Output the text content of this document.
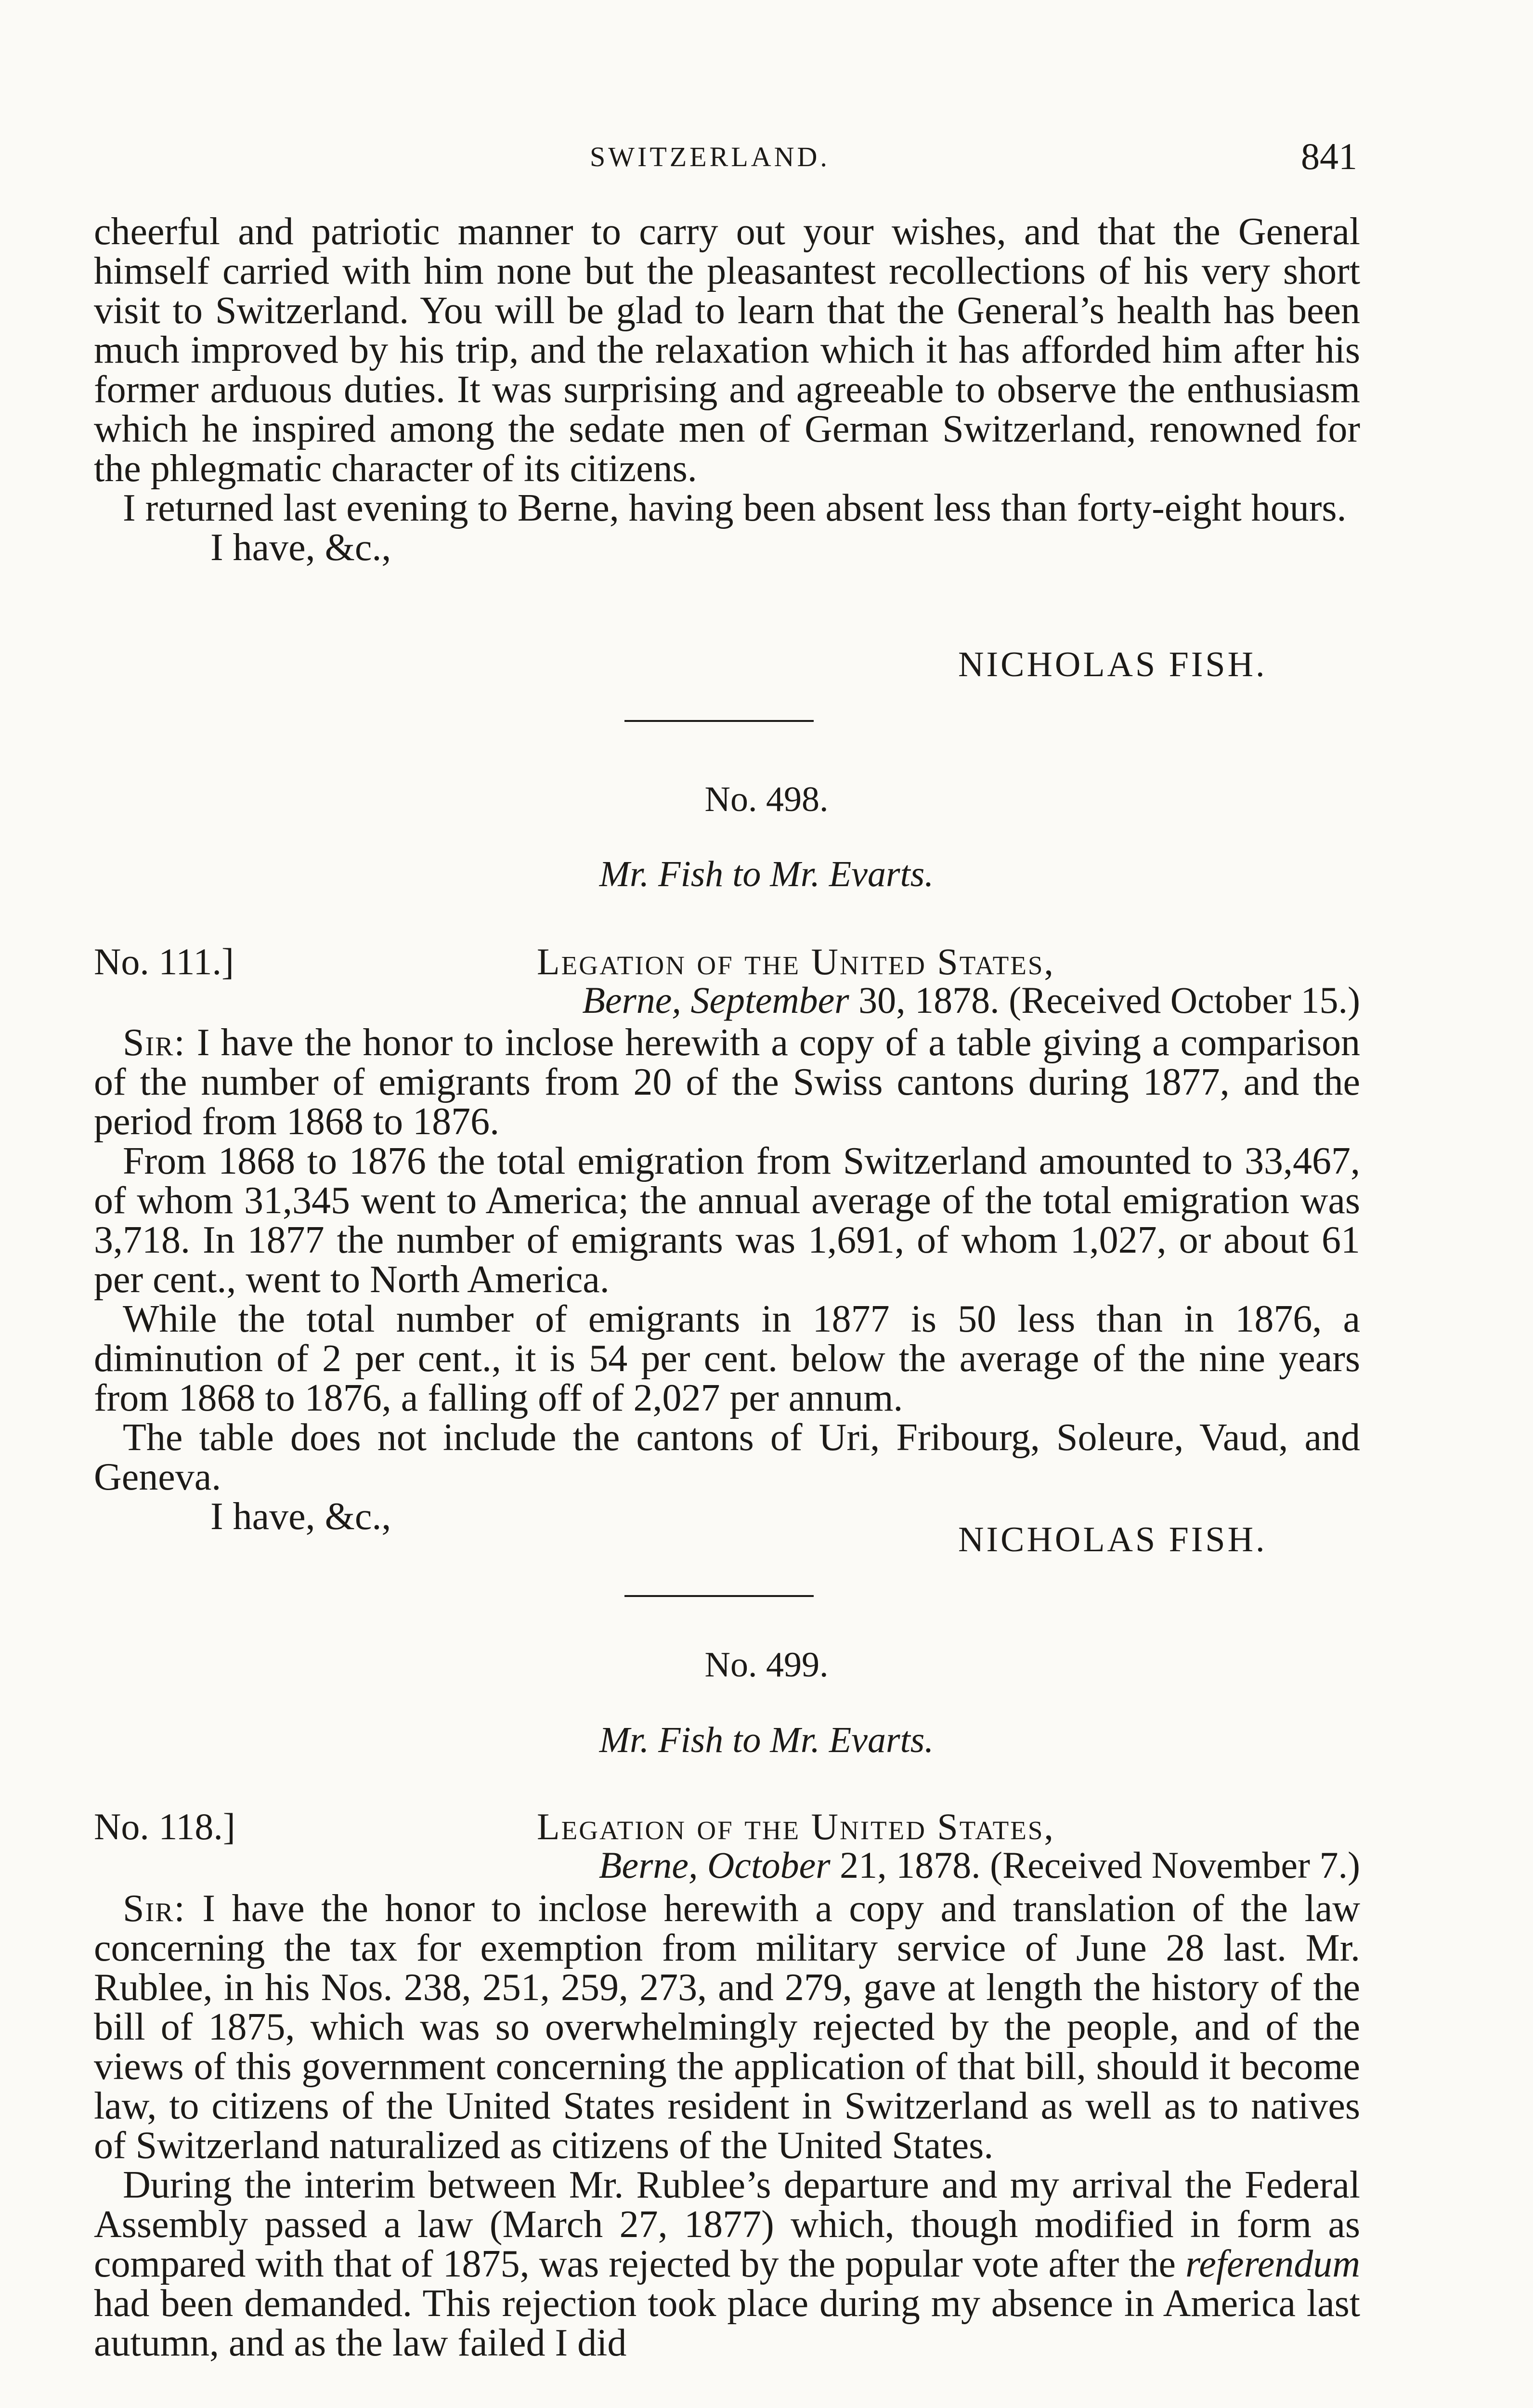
SWITZERLAND.	841

cheerful and patriotic manner to carry out your wishes, and that the General himself carried with him none but the pleasantest recollections of his very short visit to Switzerland. You will be glad to learn that the General’s health has been much improved by his trip, and the relaxation which it has afforded him after his former arduous duties. It was surprising and agreeable to observe the enthusiasm which he inspired among the sedate men of German Switzerland, renowned for the phlegmatic character of its citizens.

I returned last evening to Berne, having been absent less than forty-eight hours.

I have, &c.,

NICHOLAS FISH.
No. 498.
Mr. Fish to Mr. Evarts.
No. 111.]	Legation of the United States,
Berne, September 30, 1878. (Received October 15.)

Sir: I have the honor to inclose herewith a copy of a table giving a comparison of the number of emigrants from 20 of the Swiss cantons during 1877, and the period from 1868 to 1876.

From 1868 to 1876 the total emigration from Switzerland amounted to 33,467, of whom 31,345 went to America; the annual average of the total emigration was 3,718. In 1877 the number of emigrants was 1,691, of whom 1,027, or about 61 per cent., went to North America.

While the total number of emigrants in 1877 is 50 less than in 1876, a diminution of 2 per cent., it is 54 per cent. below the average of the nine years from 1868 to 1876, a falling off of 2,027 per annum.

The table does not include the cantons of Uri, Fribourg, Soleure, Vaud, and Geneva.

I have, &c.,

NICHOLAS FISH.
No. 499.
Mr. Fish to Mr. Evarts.
No. 118.]	Legation of the United States,
Berne, October 21, 1878. (Received November 7.)

Sir: I have the honor to inclose herewith a copy and translation of the law concerning the tax for exemption from military service of June 28 last. Mr. Rublee, in his Nos. 238, 251, 259, 273, and 279, gave at length the history of the bill of 1875, which was so overwhelmingly rejected by the people, and of the views of this government concerning the application of that bill, should it become law, to citizens of the United States resident in Switzerland as well as to natives of Switzerland naturalized as citizens of the United States.

During the interim between Mr. Rublee’s departure and my arrival the Federal Assembly passed a law (March 27, 1877) which, though modified in form as compared with that of 1875, was rejected by the popular vote after the referendum had been demanded. This rejection took place during my absence in America last autumn, and as the law failed I did
